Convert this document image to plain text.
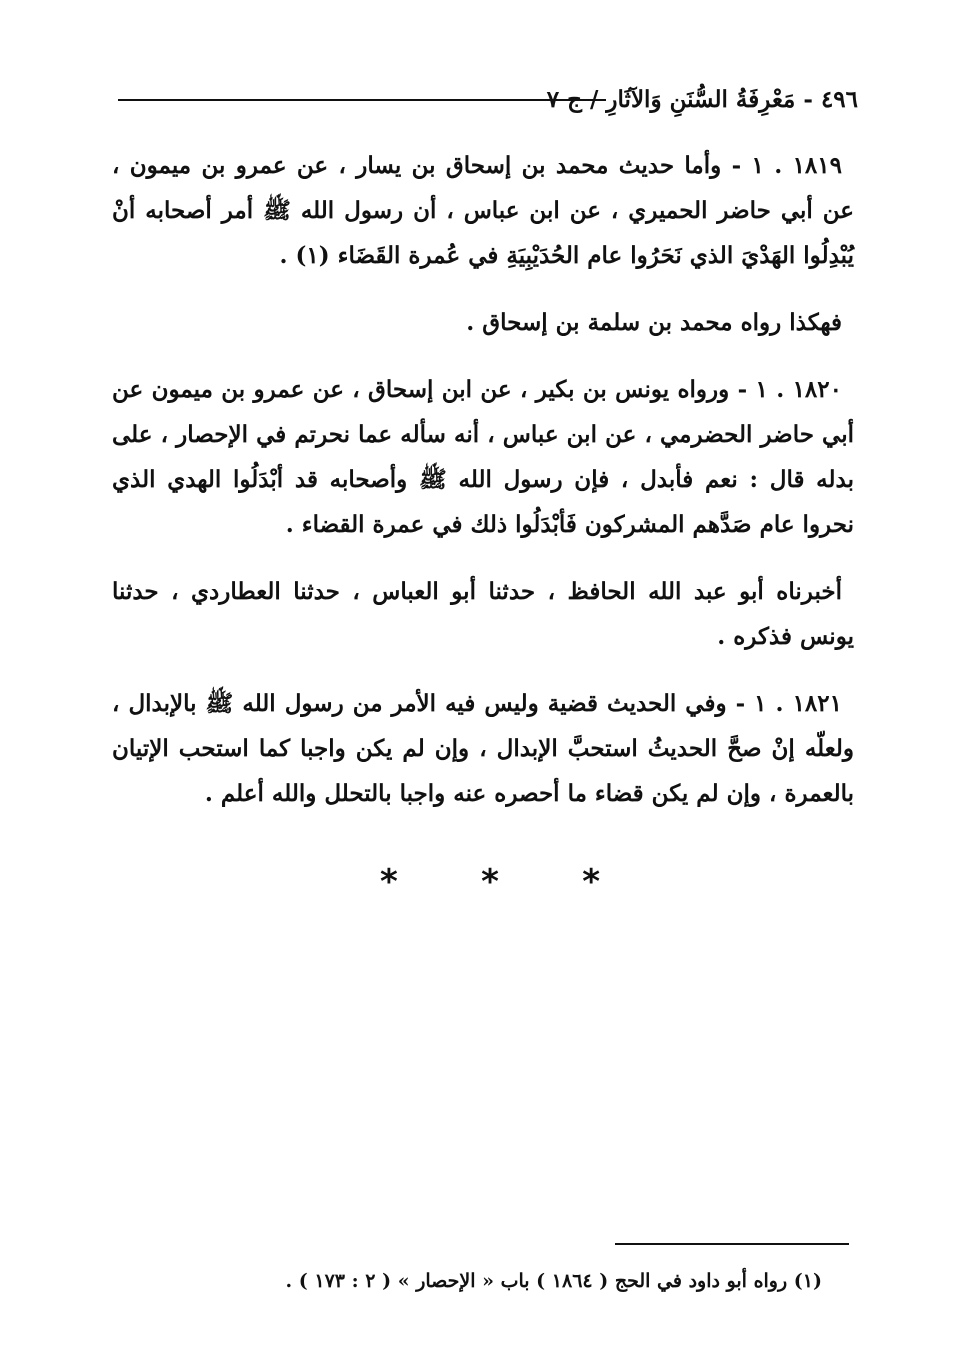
٤٩٦ - مَعْرِفَةُ السُّنَنِ وَالآثَارِ / ج ٧

١٨١٩ . ١ - وأما حديث محمد بن إسحاق بن يسار ، عن عمرو بن ميمون ، عن أبي حاضر الحميري ، عن ابن عباس ، أن رسول الله ﷺ أمر أصحابه أنْ يُبْدِلُوا الهَدْيَ الذي نَحَرُوا عام الحُدَيْبِيَةِ في عُمرة القَضَاء (١) .

فهكذا رواه محمد بن سلمة بن إسحاق .

١٨٢٠ . ١ - ورواه يونس بن بكير ، عن ابن إسحاق ، عن عمرو بن ميمون عن أبي حاضر الحضرمي ، عن ابن عباس ، أنه سأله عما نحرتم في الإحصار ، على بدله قال : نعم فأبدل ، فإن رسول الله ﷺ وأصحابه قد أبْدَلُوا الهدي الذي نحروا عام صَدَّهم المشركون فَأبْدَلُوا ذلك في عمرة القضاء .

أخبرناه أبو عبد الله الحافظ ، حدثنا أبو العباس ، حدثنا العطاردي ، حدثنا يونس فذكره .

١٨٢١ . ١ - وفي الحديث قضية وليس فيه الأمر من رسول الله ﷺ بالإبدال ، ولعلّه إنْ صحَّ الحديثُ استحبَّ الإبدال ، وإن لم يكن واجبا كما استحب الإتيان بالعمرة ، وإن لم يكن قضاء ما أحصره عنه واجبا بالتحلل والله أعلم .

* * *
(١) رواه أبو داود في الحج ( ١٨٦٤ ) باب « الإحصار » ( ٢ : ١٧٣ ) .
